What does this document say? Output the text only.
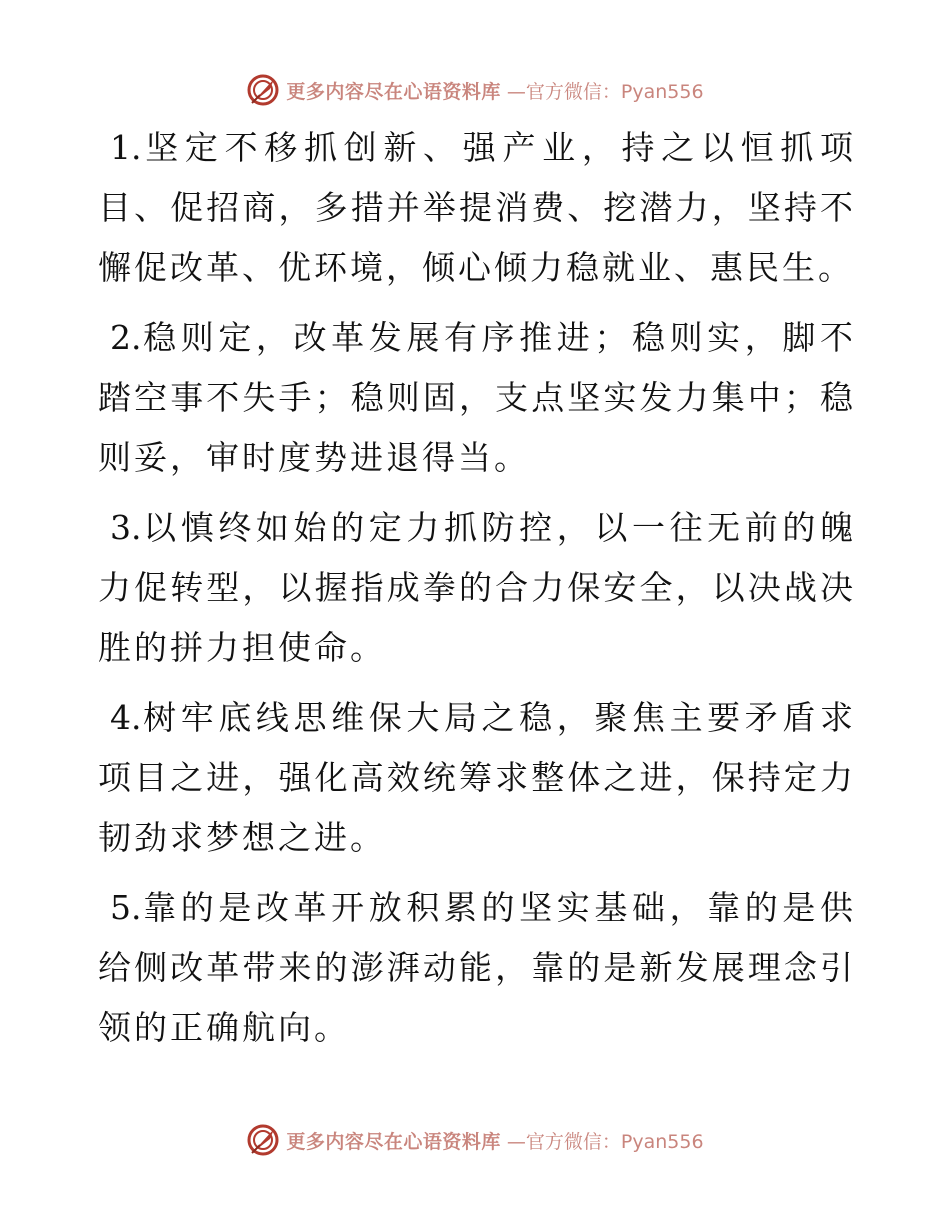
更多内容尽在心语资料库 —官方微信：Pyan556

1.坚定不移抓创新、强产业，持之以恒抓项目、促招商，多措并举提消费、挖潜力，坚持不懈促改革、优环境，倾心倾力稳就业、惠民生。

2.稳则定，改革发展有序推进；稳则实，脚不踏空事不失手；稳则固，支点坚实发力集中；稳则妥，审时度势进退得当。

3.以慎终如始的定力抓防控，以一往无前的魄力促转型，以握指成拳的合力保安全，以决战决胜的拼力担使命。

4.树牢底线思维保大局之稳，聚焦主要矛盾求项目之进，强化高效统筹求整体之进，保持定力韧劲求梦想之进。

5.靠的是改革开放积累的坚实基础，靠的是供给侧改革带来的澎湃动能，靠的是新发展理念引领的正确航向。

更多内容尽在心语资料库 —官方微信：Pyan556
